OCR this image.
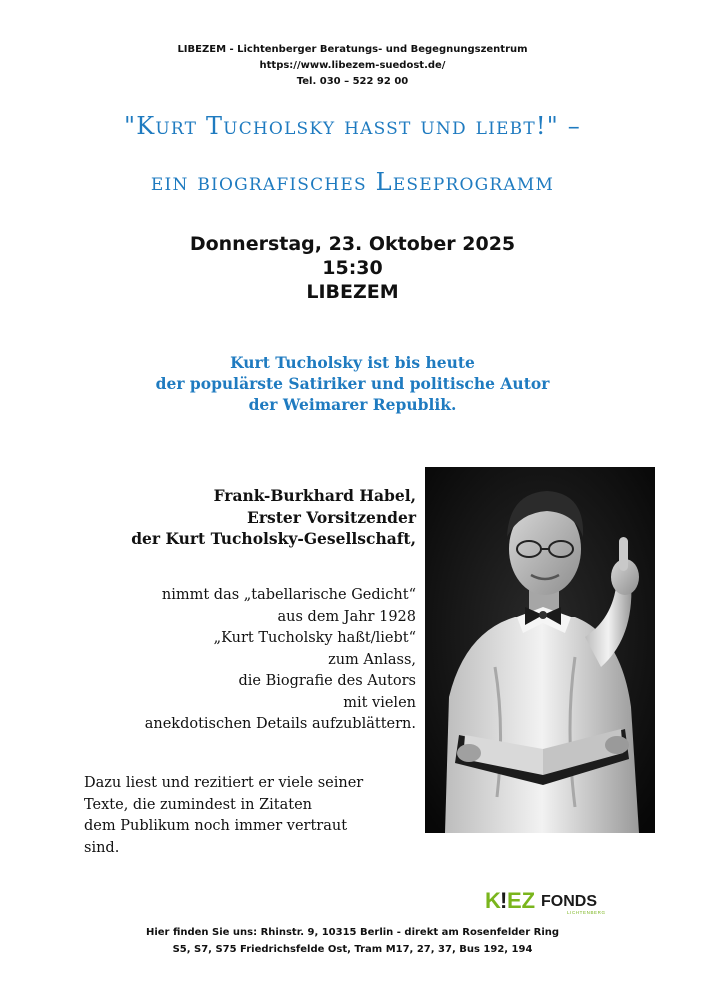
LIBEZEM - Lichtenberger Beratungs- und Begegnungszentrum
https://www.libezem-suedost.de/
Tel. 030 – 522 92 00
"Kurt Tucholsky hasst und liebt!" –
ein biografisches Leseprogramm
Donnerstag, 23. Oktober 2025
15:30
LIBEZEM
Kurt Tucholsky ist bis heute
der populärste Satiriker und politische Autor
der Weimarer Republik.
Frank-Burkhard Habel,
Erster Vorsitzender
der Kurt Tucholsky-Gesellschaft,
nimmt das „tabellarische Gedicht“
aus dem Jahr 1928
„Kurt Tucholsky haßt/liebt“
zum Anlass,
die Biografie des Autors
mit vielen
anekdotischen Details aufzublättern.
Dazu liest und rezitiert er viele seiner
Texte, die zumindest in Zitaten
dem Publikum noch immer vertraut
sind.
K ! EZ FONDS
LICHTENBERG
Hier finden Sie uns: Rhinstr. 9, 10315 Berlin - direkt am Rosenfelder Ring
S5, S7, S75 Friedrichsfelde Ost, Tram M17, 27, 37, Bus 192, 194
